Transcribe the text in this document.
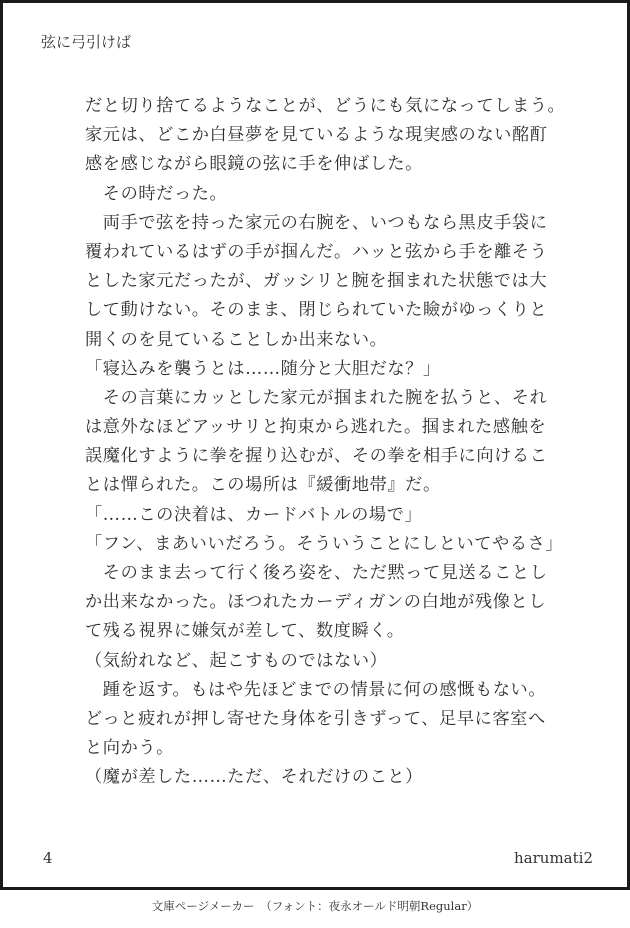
弦に弓引けば
だと切り捨てるようなことが、どうにも気になってしまう。
家元は、どこか白昼夢を見ているような現実感のない酩酊
感を感じながら眼鏡の弦に手を伸ばした。
　その時だった。
　両手で弦を持った家元の右腕を、いつもなら黒皮手袋に
覆われているはずの手が掴んだ。ハッと弦から手を離そう
とした家元だったが、ガッシリと腕を掴まれた状態では大
して動けない。そのまま、閉じられていた瞼がゆっくりと
開くのを見ていることしか出来ない。
「寝込みを襲うとは……随分と大胆だな？」
　その言葉にカッとした家元が掴まれた腕を払うと、それ
は意外なほどアッサリと拘束から逃れた。掴まれた感触を
誤魔化すように拳を握り込むが、その拳を相手に向けるこ
とは憚られた。この場所は『緩衝地帯』だ。
「……この決着は、カードバトルの場で」
「フン、まあいいだろう。そういうことにしといてやるさ」
　そのまま去って行く後ろ姿を、ただ黙って見送ることし
か出来なかった。ほつれたカーディガンの白地が残像とし
て残る視界に嫌気が差して、数度瞬く。
（気紛れなど、起こすものではない）
　踵を返す。もはや先ほどまでの情景に何の感慨もない。
どっと疲れが押し寄せた身体を引きずって、足早に客室へ
と向かう。
（魔が差した……ただ、それだけのこと）
4	harumati2
文庫ページメーカー　（フォント：夜永オールド明朝Regular）
